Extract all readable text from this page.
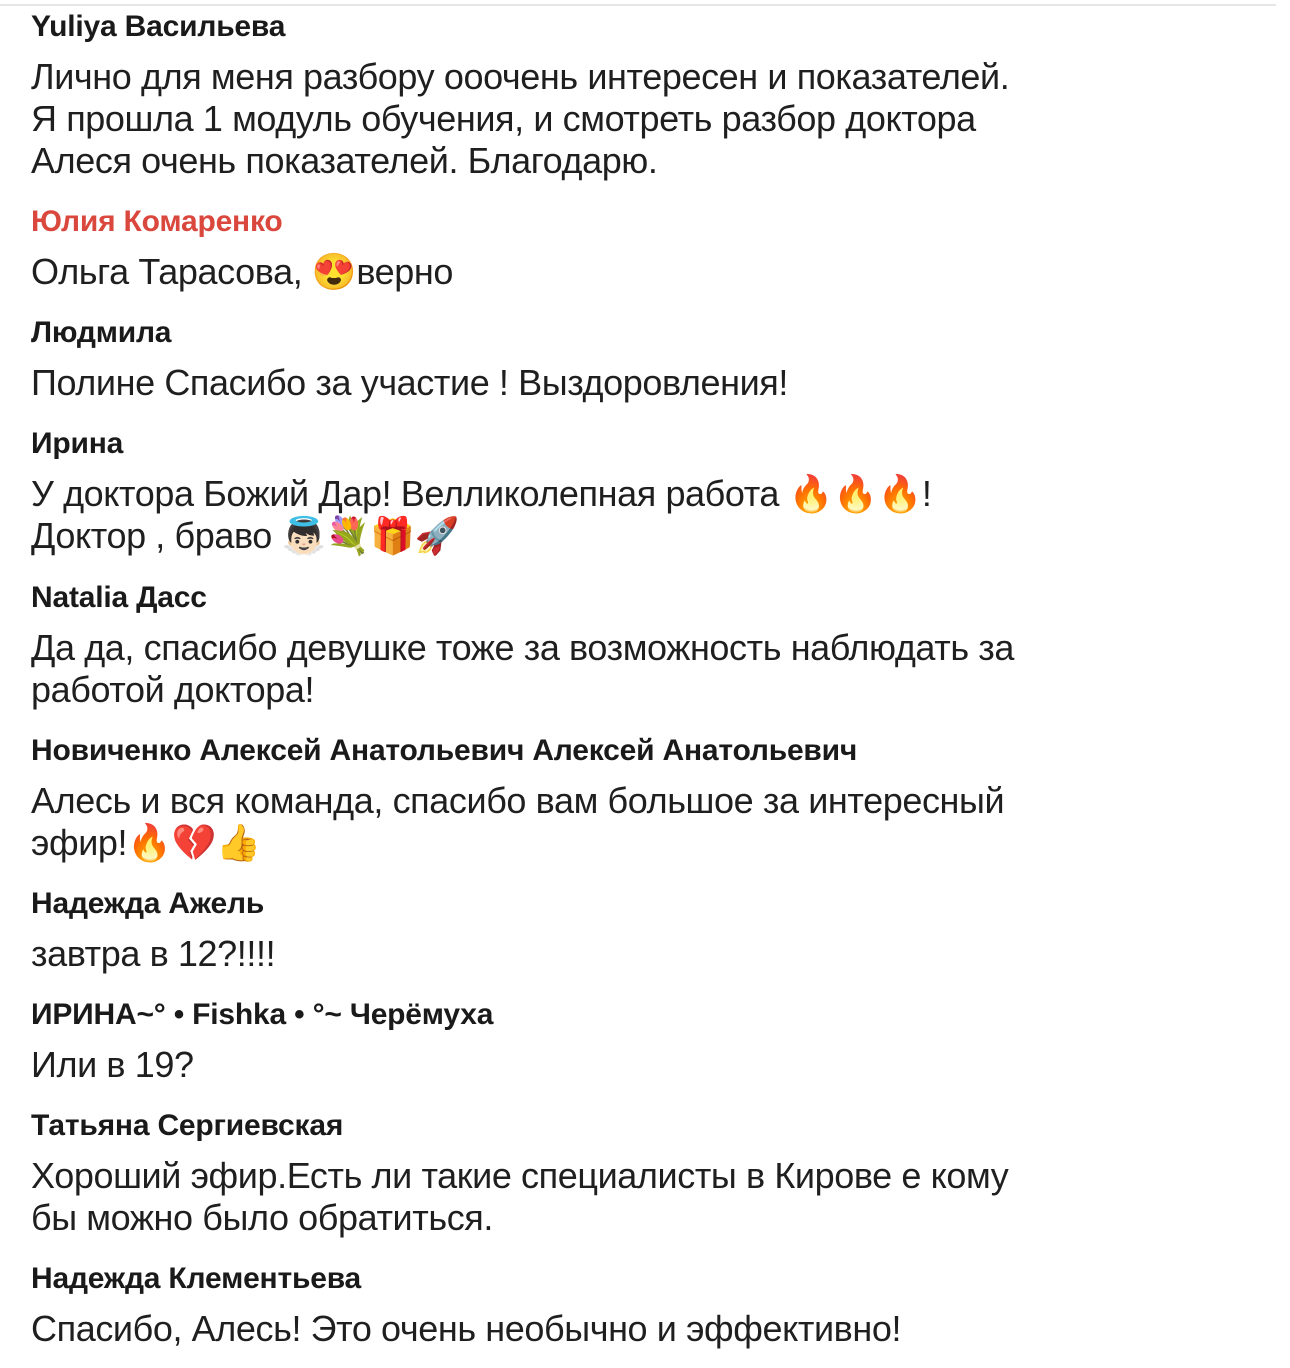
Yuliya Васильева
Лично для меня разбору ооочень интересен и показателей.
Я прошла 1 модуль обучения, и смотреть разбор доктора
Алеся очень показателей. Благодарю.
Юлия Комаренко
Ольга Тарасова, 😍верно
Людмила
Полине Спасибо за участие ! Выздоровления!
Ирина
У доктора Божий Дар! Велликолепная работа 🔥🔥🔥!
Доктор , браво 👼🏻💐🎁🚀
Natalia Дасс
Да да, спасибо девушке тоже за возможность наблюдать за
работой доктора!
Новиченко Алексей Анатольевич Алексей Анатольевич
Алесь и вся команда, спасибо вам большое за интересный
эфир!🔥💔👍
Надежда Ажель
завтра в 12?!!!!
ИРИНА~° • Fishka • °~ Черёмуха
Или в 19?
Татьяна Сергиевская
Хороший эфир.Есть ли такие специалисты в Кирове е кому
бы можно было обратиться.
Надежда Клементьева
Спасибо, Алесь! Это очень необычно и эффективно!
